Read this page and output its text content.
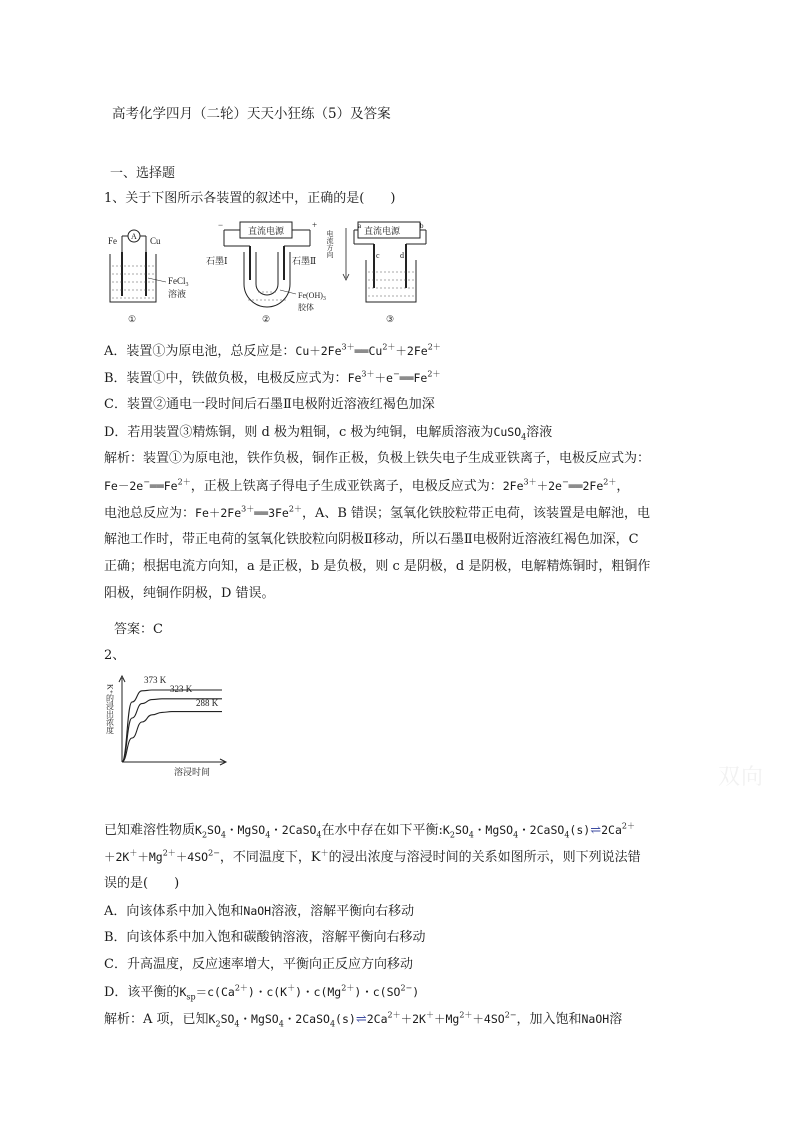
高考化学四月（二轮）天天小狂练（5）及答案
一、选择题
1、关于下图所示各装置的叙述中，正确的是(　　)
Fe A Cu
FeCl$_3$
溶液
①
直流电源
−	+
石墨Ⅰ	石墨Ⅱ
$Fe(OH)_3$
胶体
②
直流电源
a	b
c	d
电流方向
③
A．装置①为原电池，总反应是：$Cu+2Fe^{3+}══Cu^{2+}+2Fe^{2+}$
B．装置①中，铁做负极，电极反应式为：$Fe^{3+}+e^-══Fe^{2+}$
C．装置②通电一段时间后石墨Ⅱ电极附近溶液红褐色加深
D．若用装置③精炼铜，则 d 极为粗铜，c 极为纯铜，电解质溶液为CuSO$_4$溶液
解析：装置①为原电池，铁作负极，铜作正极，负极上铁失电子生成亚铁离子，电极反应式为：
$Fe-2e^-══Fe^{2+}$，正极上铁离子得电子生成亚铁离子，电极反应式为：$2Fe^{3+}+2e^-══2Fe^{2+}$，
电池总反应为：$Fe+2Fe^{3+}══3Fe^{2+}$，A、B 错误；氢氧化铁胶粒带正电荷，该装置是电解池，电
解池工作时，带正电荷的氢氧化铁胶粒向阴极Ⅱ移动，所以石墨Ⅱ电极附近溶液红褐色加深，C
正确；根据电流方向知，a 是正极，b 是负极，则 c 是阴极，d 是阴极，电解精炼铜时，粗铜作
阳极，纯铜作阴极，D 错误。
答案：C
2、
373 K
323 K
288 K
K⁺的浸出浓度
溶浸时间
已知难溶性物质$K_2SO_4$・MgSO$_4$・2CaSO$_4$在水中存在如下平衡$:K_2SO_4$・MgSO$_4$・$2CaSO_4(s)\rightleftharpoons 2Ca^{2+}$
$+2K^++Mg^{2+}+4SO^{2-}$，不同温度下，K＋的浸出浓度与溶浸时间的关系如图所示，则下列说法错
误的是(　　)
A．向该体系中加入饱和NaOH溶液，溶解平衡向右移动
B．向该体系中加入饱和碳酸钠溶液，溶解平衡向右移动
C．升高温度，反应速率增大，平衡向正反应方向移动
D．该平衡的$K_{sp}=c(Ca^{2+})$・c(K＋)・$c(Mg^{2+})$・$c(SO^{2-})$
解析：A 项，已知$K_2SO_4$・MgSO$_4$・$2CaSO_4(s)\rightleftharpoons 2Ca^{2+}+2K^++Mg^{2+}+4SO^{2-}$，加入饱和NaOH溶
双向
